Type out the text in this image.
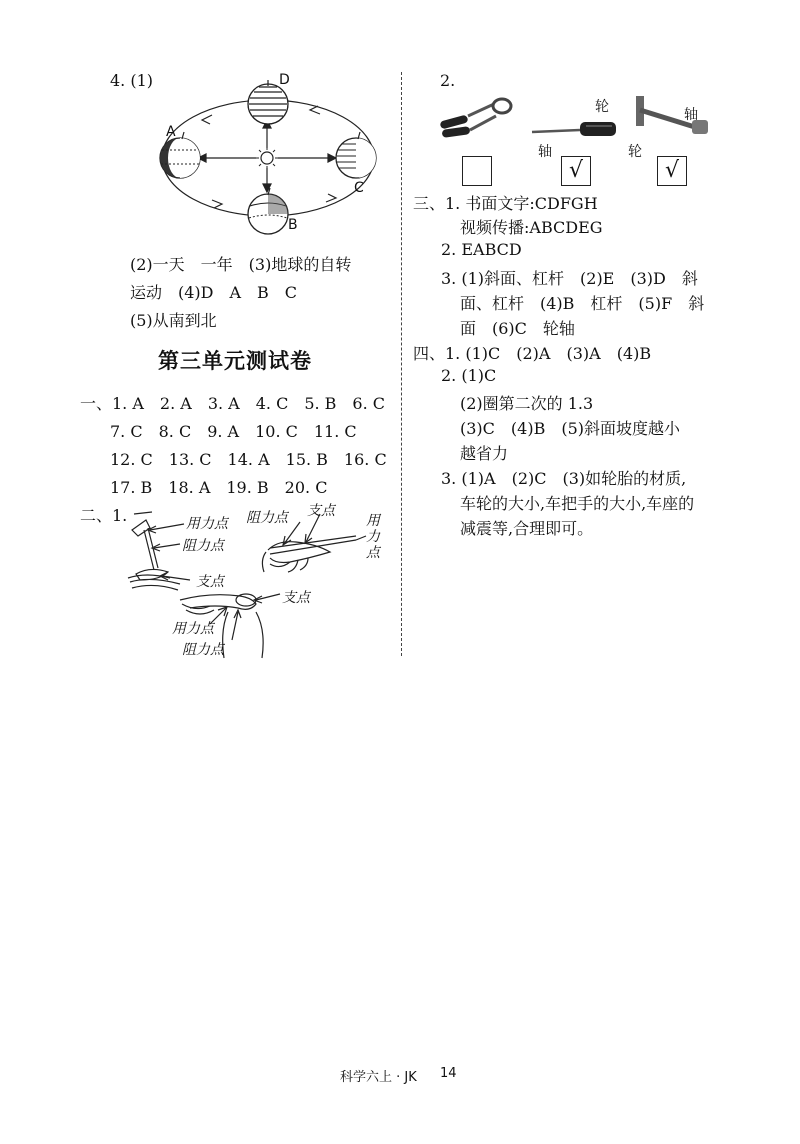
4. (1)	D
A
C
B
(2)一天　一年　(3)地球的自转
运动　(4)D　A　B　C
(5)从南到北
第三单元测试卷
一、1. A　2. A　3. A　4. C　5. B　6. C
7. C　8. C　9. A　10. C　11. C
12. C　13. C　14. A　15. B　16. C
17. B　18. A　19. B　20. C
二、1.	用力点
阻力点
支点
阻力点 支点
用力点
支点
用力点
阻力点
2.
轮
轴
轴
轮
√	√
三、1. 书面文字:CDFGH
视频传播:ABCDEG
2. EABCD
3. (1)斜面、杠杆　(2)E　(3)D　斜
面、杠杆　(4)B　杠杆　(5)F　斜
面　(6)C　轮轴
四、1. (1)C　(2)A　(3)A　(4)B
2. (1)C
(2)圈第二次的 1.3
(3)C　(4)B　(5)斜面坡度越小
越省力
3. (1)A　(2)C　(3)如轮胎的材质,
车轮的大小,车把手的大小,车座的
减震等,合理即可。
科学六上 · JK 14
